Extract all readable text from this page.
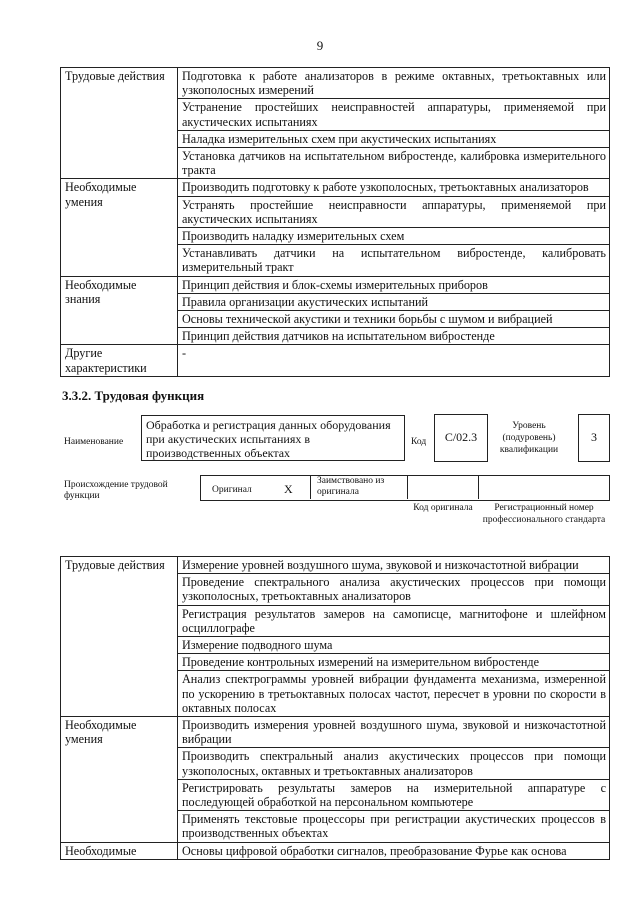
9
Трудовые действия	Подготовка к работе анализаторов в режиме октавных, третьоктавных или узкополосных измерений
	Устранение простейших неисправностей аппаратуры, применяемой при акустических испытаниях
	Наладка измерительных схем при акустических испытаниях
	Установка датчиков на испытательном вибростенде, калибровка измерительного тракта
Необходимые умения	Производить подготовку к работе узкополосных, третьоктавных анализаторов
	Устранять простейшие неисправности аппаратуры, применяемой при акустических испытаниях
	Производить наладку измерительных схем
	Устанавливать датчики на испытательном вибростенде, калибровать измерительный тракт
Необходимые знания	Принцип действия и блок-схемы измерительных приборов
	Правила организации акустических испытаний
	Основы технической акустики и техники борьбы с шумом и вибрацией
	Принцип действия датчиков на испытательном вибростенде
Другие характеристики	-
3.3.2. Трудовая функция
Наименование
Обработка и регистрация данных оборудования при акустических испытаниях в производственных объектах
Код	C/02.3
Уровень (подуровень) квалификации
3
Происхождение трудовой функции
Оригинал	X
Заимствовано из оригинала
Код оригинала	Регистрационный номер профессионального стандарта
Трудовые действия	Измерение уровней воздушного шума, звуковой и низкочастотной вибрации
	Проведение спектрального анализа акустических процессов при помощи узкополосных, третьоктавных анализаторов
	Регистрация результатов замеров на самописце, магнитофоне и шлейфном осциллографе
	Измерение подводного шума
	Проведение контрольных измерений на измерительном вибростенде
	Анализ спектрограммы уровней вибрации фундамента механизма, измеренной по ускорению в третьоктавных полосах частот, пересчет в уровни по скорости в октавных полосах
Необходимые умения	Производить измерения уровней воздушного шума, звуковой и низкочастотной вибрации
	Производить спектральный анализ акустических процессов при помощи узкополосных, октавных и третьоктавных анализаторов
	Регистрировать результаты замеров на измерительной аппаратуре с последующей обработкой на персональном компьютере
	Применять текстовые процессоры при регистрации акустических процессов в производственных объектах
Необходимые	Основы цифровой обработки сигналов, преобразование Фурье как основа
